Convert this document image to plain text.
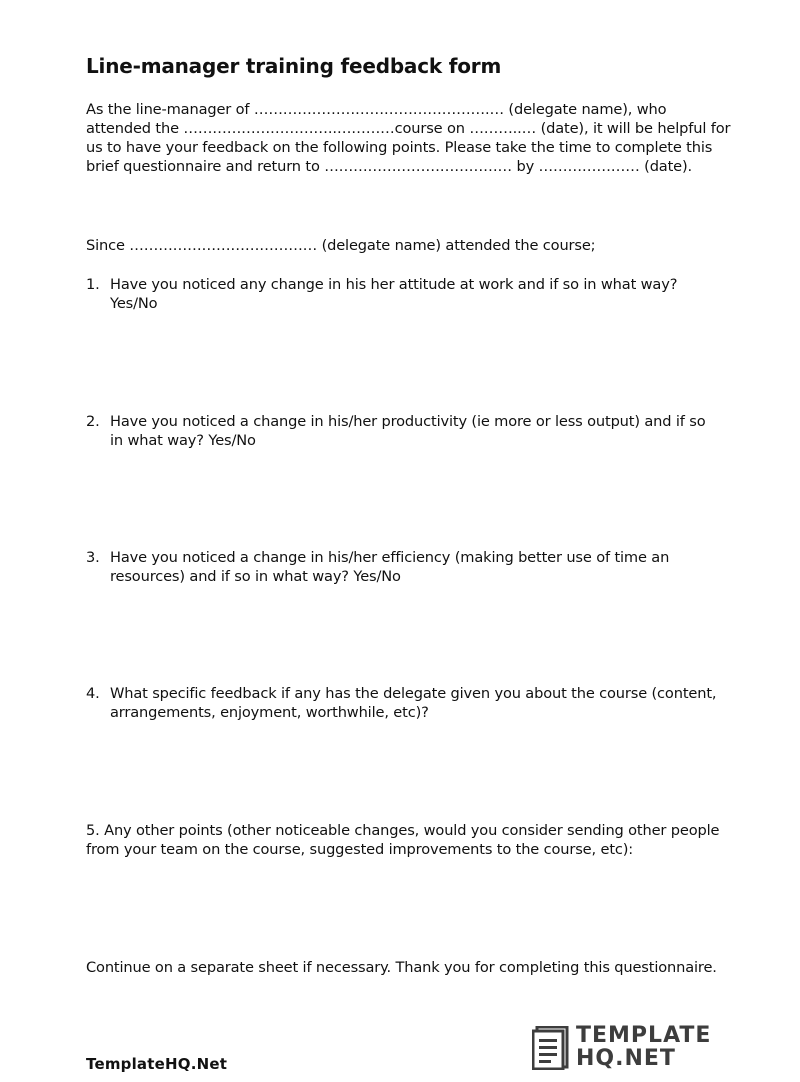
Line-manager training feedback form
As the line-manager of ………………………………………….… (delegate name), who
attended the …………………………..…………course on ………..… (date), it will be helpful for
us to have your feedback on the following points. Please take the time to complete this
brief questionnaire and return to ………………………………… by ………………… (date).
Since ………………………………… (delegate name) attended the course;
1. Have you noticed any change in his her attitude at work and if so in what way?
Yes/No
2. Have you noticed a change in his/her productivity (ie more or less output) and if so
in what way? Yes/No
3. Have you noticed a change in his/her efficiency (making better use of time an
resources) and if so in what way? Yes/No
4. What specific feedback if any has the delegate given you about the course (content,
arrangements, enjoyment, worthwhile, etc)?
5. Any other points (other noticeable changes, would you consider sending other people
from your team on the course, suggested improvements to the course, etc):
Continue on a separate sheet if necessary. Thank you for completing this questionnaire.
TemplateHQ.Net
TEMPLATE
HQ.NET
